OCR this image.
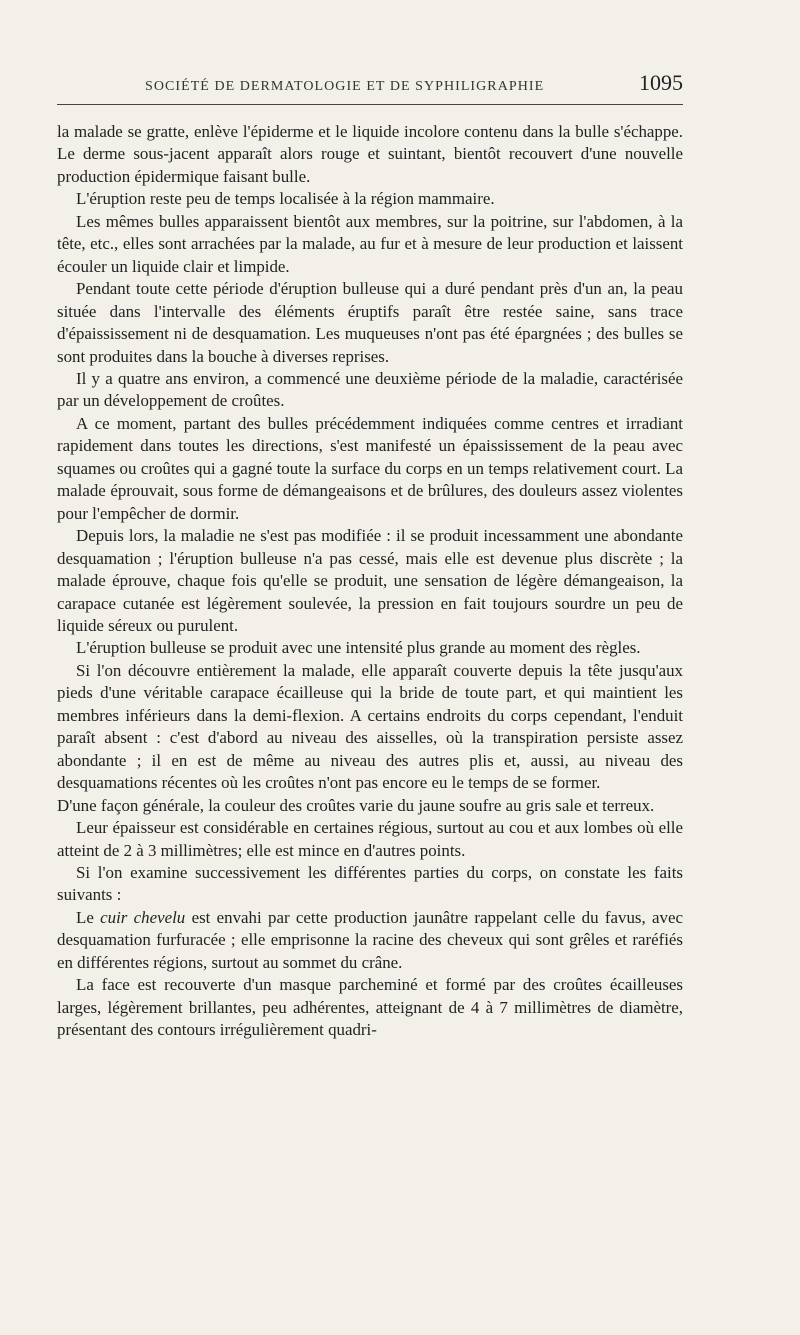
SOCIÉTÉ DE DERMATOLOGIE ET DE SYPHILIGRAPHIE	1095

la malade se gratte, enlève l'épiderme et le liquide incolore contenu dans la bulle s'échappe. Le derme sous-jacent apparaît alors rouge et suintant, bientôt recouvert d'une nouvelle production épidermique faisant bulle.

L'éruption reste peu de temps localisée à la région mammaire.

Les mêmes bulles apparaissent bientôt aux membres, sur la poitrine, sur l'abdomen, à la tête, etc., elles sont arrachées par la malade, au fur et à mesure de leur production et laissent écouler un liquide clair et limpide.

Pendant toute cette période d'éruption bulleuse qui a duré pendant près d'un an, la peau située dans l'intervalle des éléments éruptifs paraît être restée saine, sans trace d'épaississement ni de desquamation. Les muqueuses n'ont pas été épargnées ; des bulles se sont produites dans la bouche à diverses reprises.

Il y a quatre ans environ, a commencé une deuxième période de la maladie, caractérisée par un développement de croûtes.

A ce moment, partant des bulles précédemment indiquées comme centres et irradiant rapidement dans toutes les directions, s'est manifesté un épaississement de la peau avec squames ou croûtes qui a gagné toute la surface du corps en un temps relativement court. La malade éprouvait, sous forme de démangeaisons et de brûlures, des douleurs assez violentes pour l'empêcher de dormir.

Depuis lors, la maladie ne s'est pas modifiée : il se produit incessamment une abondante desquamation ; l'éruption bulleuse n'a pas cessé, mais elle est devenue plus discrète ; la malade éprouve, chaque fois qu'elle se produit, une sensation de légère démangeaison, la carapace cutanée est légèrement soulevée, la pression en fait toujours sourdre un peu de liquide séreux ou purulent.

L'éruption bulleuse se produit avec une intensité plus grande au moment des règles.

Si l'on découvre entièrement la malade, elle apparaît couverte depuis la tête jusqu'aux pieds d'une véritable carapace écailleuse qui la bride de toute part, et qui maintient les membres inférieurs dans la demi-flexion. A certains endroits du corps cependant, l'enduit paraît absent : c'est d'abord au niveau des aisselles, où la transpiration persiste assez abondante ; il en est de même au niveau des autres plis et, aussi, au niveau des desquamations récentes où les croûtes n'ont pas encore eu le temps de se former.

D'une façon générale, la couleur des croûtes varie du jaune soufre au gris sale et terreux.

Leur épaisseur est considérable en certaines régious, surtout au cou et aux lombes où elle atteint de 2 à 3 millimètres; elle est mince en d'autres points.

Si l'on examine successivement les différentes parties du corps, on constate les faits suivants :

Le cuir chevelu est envahi par cette production jaunâtre rappelant celle du favus, avec desquamation furfuracée ; elle emprisonne la racine des cheveux qui sont grêles et raréfiés en différentes régions, surtout au sommet du crâne.

La face est recouverte d'un masque parcheminé et formé par des croûtes écailleuses larges, légèrement brillantes, peu adhérentes, atteignant de 4 à 7 millimètres de diamètre, présentant des contours irrégulièrement quadri-
